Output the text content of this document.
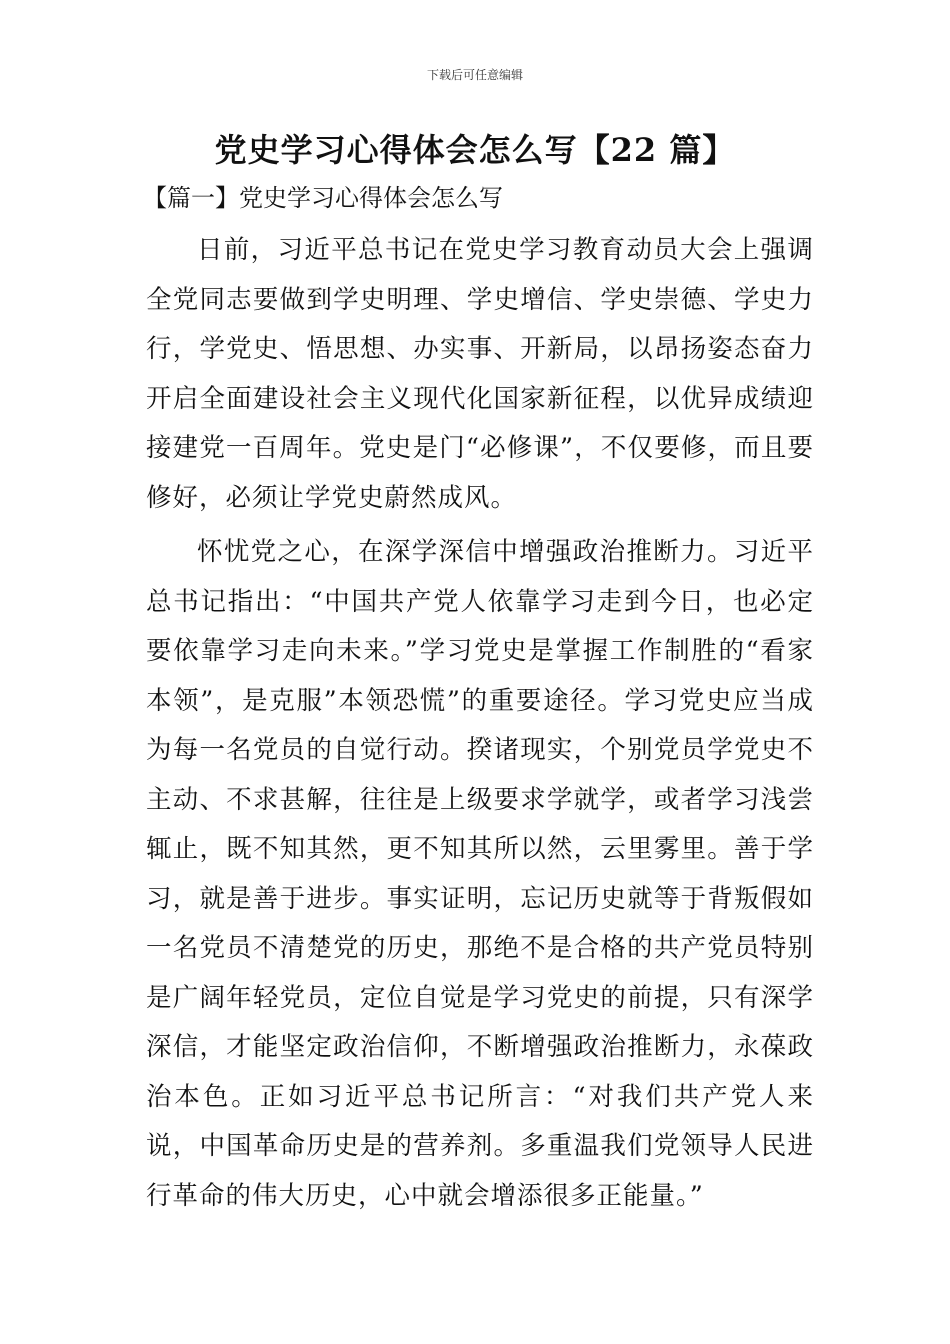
下载后可任意编辑
党史学习心得体会怎么写【22 篇】
【篇一】党史学习心得体会怎么写

日前，习近平总书记在党史学习教育动员大会上强调全党同志要做到学史明理、学史增信、学史崇德、学史力行，学党史、悟思想、办实事、开新局，以昂扬姿态奋力开启全面建设社会主义现代化国家新征程，以优异成绩迎接建党一百周年。党史是门“必修课”，不仅要修，而且要修好，必须让学党史蔚然成风。

怀忧党之心，在深学深信中增强政治推断力。习近平总书记指出：“中国共产党人依靠学习走到今日，也必定要依靠学习走向未来。”学习党史是掌握工作制胜的“看家本领”，是克服”本领恐慌”的重要途径。学习党史应当成为每一名党员的自觉行动。揆诸现实，个别党员学党史不主动、不求甚解，往往是上级要求学就学，或者学习浅尝辄止，既不知其然，更不知其所以然，云里雾里。善于学习，就是善于进步。事实证明，忘记历史就等于背叛假如一名党员不清楚党的历史，那绝不是合格的共产党员特别是广阔年轻党员，定位自觉是学习党史的前提，只有深学深信，才能坚定政治信仰，不断增强政治推断力，永葆政治本色。正如习近平总书记所言：“对我们共产党人来说，中国革命历史是的营养剂。多重温我们党领导人民进行革命的伟大历史，心中就会增添很多正能量。”
